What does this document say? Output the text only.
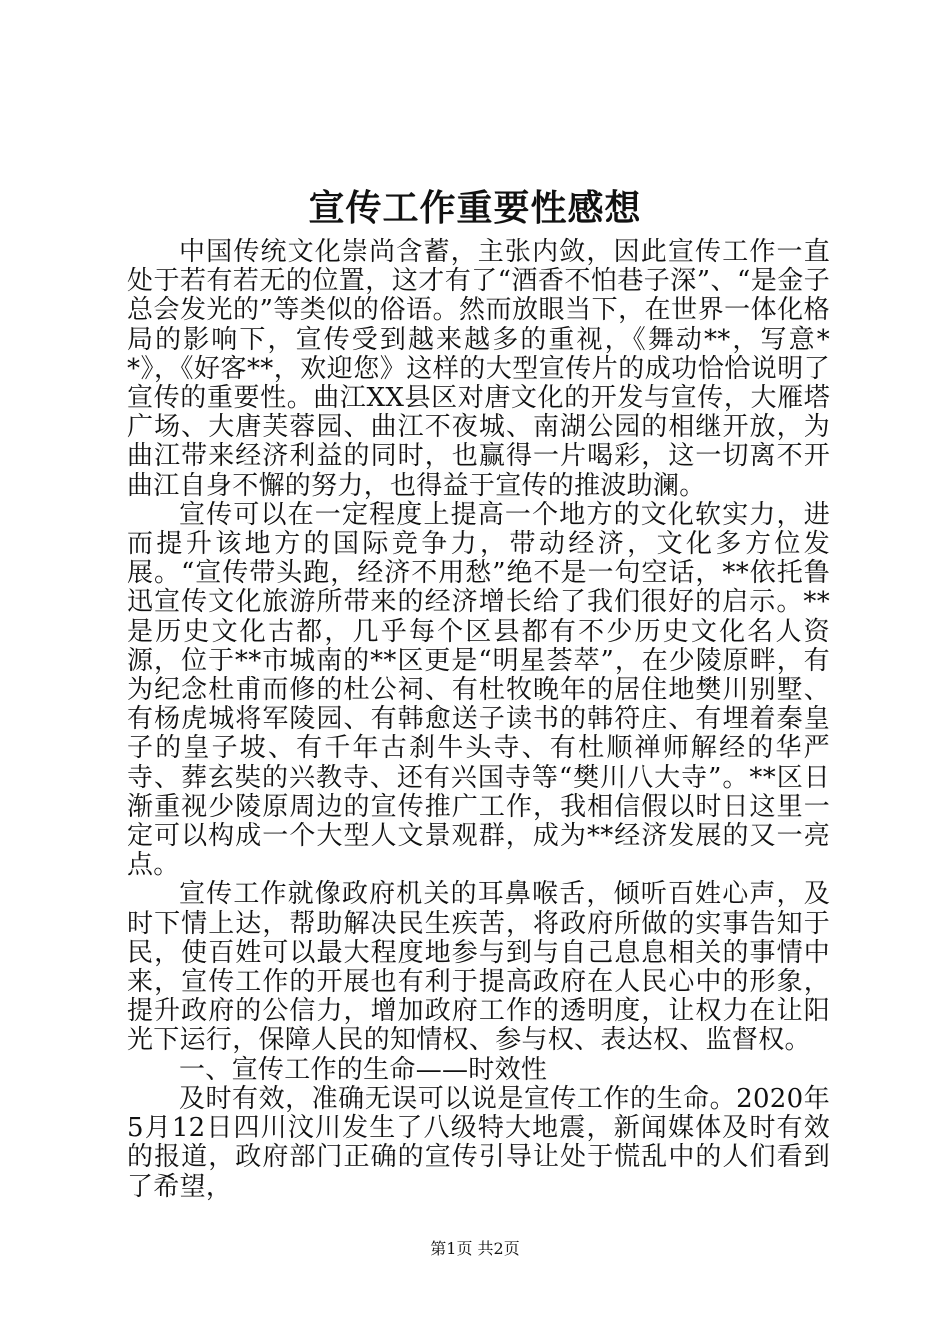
宣传工作重要性感想

中国传统文化崇尚含蓄，主张内敛，因此宣传工作一直处于若有若无的位置，这才有了“酒香不怕巷子深”、“是金子总会发光的”等类似的俗语。然而放眼当下，在世界一体化格局的影响下，宣传受到越来越多的重视，《舞动**，写意**》，《好客**，欢迎您》这样的大型宣传片的成功恰恰说明了宣传的重要性。曲江XX县区对唐文化的开发与宣传，大雁塔广场、大唐芙蓉园、曲江不夜城、南湖公园的相继开放，为曲江带来经济利益的同时，也赢得一片喝彩，这一切离不开曲江自身不懈的努力，也得益于宣传的推波助澜。

宣传可以在一定程度上提高一个地方的文化软实力，进而提升该地方的国际竞争力，带动经济，文化多方位发展。“宣传带头跑，经济不用愁”绝不是一句空话，**依托鲁迅宣传文化旅游所带来的经济增长给了我们很好的启示。**是历史文化古都，几乎每个区县都有不少历史文化名人资源，位于**市城南的**区更是“明星荟萃”，在少陵原畔，有为纪念杜甫而修的杜公祠、有杜牧晚年的居住地樊川别墅、有杨虎城将军陵园、有韩愈送子读书的韩符庄、有埋着秦皇子的皇子坡、有千年古刹牛头寺、有杜顺禅师解经的华严寺、葬玄奘的兴教寺、还有兴国寺等“樊川八大寺”。**区日渐重视少陵原周边的宣传推广工作，我相信假以时日这里一定可以构成一个大型人文景观群，成为**经济发展的又一亮点。

宣传工作就像政府机关的耳鼻喉舌，倾听百姓心声，及时下情上达，帮助解决民生疾苦，将政府所做的实事告知于民，使百姓可以最大程度地参与到与自己息息相关的事情中来，宣传工作的开展也有利于提高政府在人民心中的形象，提升政府的公信力，增加政府工作的透明度，让权力在让阳光下运行，保障人民的知情权、参与权、表达权、监督权。

一、宣传工作的生命——时效性

及时有效，准确无误可以说是宣传工作的生命。2020年5月12日四川汶川发生了八级特大地震，新闻媒体及时有效的报道，政府部门正确的宣传引导让处于慌乱中的人们看到了希望，

第1页 共2页
